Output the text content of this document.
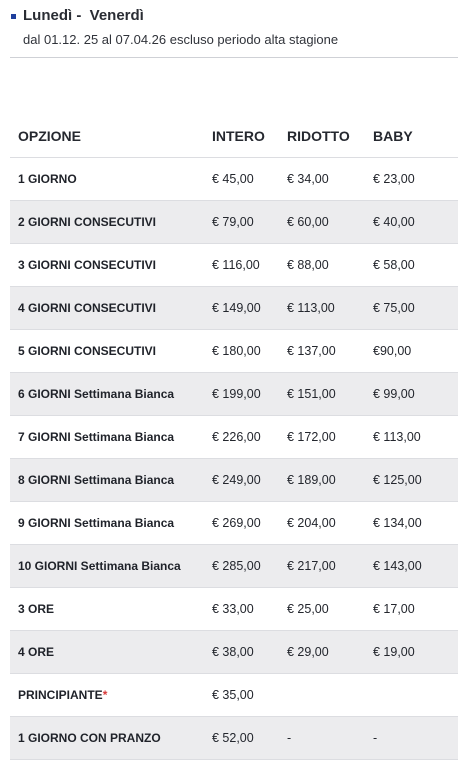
Lunedì -  Venerdì
dal 01.12. 25 al 07.04.26 escluso periodo alta stagione
OPZIONE	INTERO	RIDOTTO	BABY
1 GIORNO	€ 45,00	€ 34,00	€ 23,00
2 GIORNI CONSECUTIVI	€ 79,00	€ 60,00	€ 40,00
3 GIORNI CONSECUTIVI	€ 116,00	€ 88,00	€ 58,00
4 GIORNI CONSECUTIVI	€ 149,00	€ 113,00	€ 75,00
5 GIORNI CONSECUTIVI	€ 180,00	€ 137,00	€90,00
6 GIORNI Settimana Bianca	€ 199,00	€ 151,00	€ 99,00
7 GIORNI Settimana Bianca	€ 226,00	€ 172,00	€ 113,00
8 GIORNI Settimana Bianca	€ 249,00	€ 189,00	€ 125,00
9 GIORNI Settimana Bianca	€ 269,00	€ 204,00	€ 134,00
10 GIORNI Settimana Bianca	€ 285,00	€ 217,00	€ 143,00
3 ORE	€ 33,00	€ 25,00	€ 17,00
4 ORE	€ 38,00	€ 29,00	€ 19,00
PRINCIPIANTE*	€ 35,00		
1 GIORNO CON PRANZO	€ 52,00	-	-
